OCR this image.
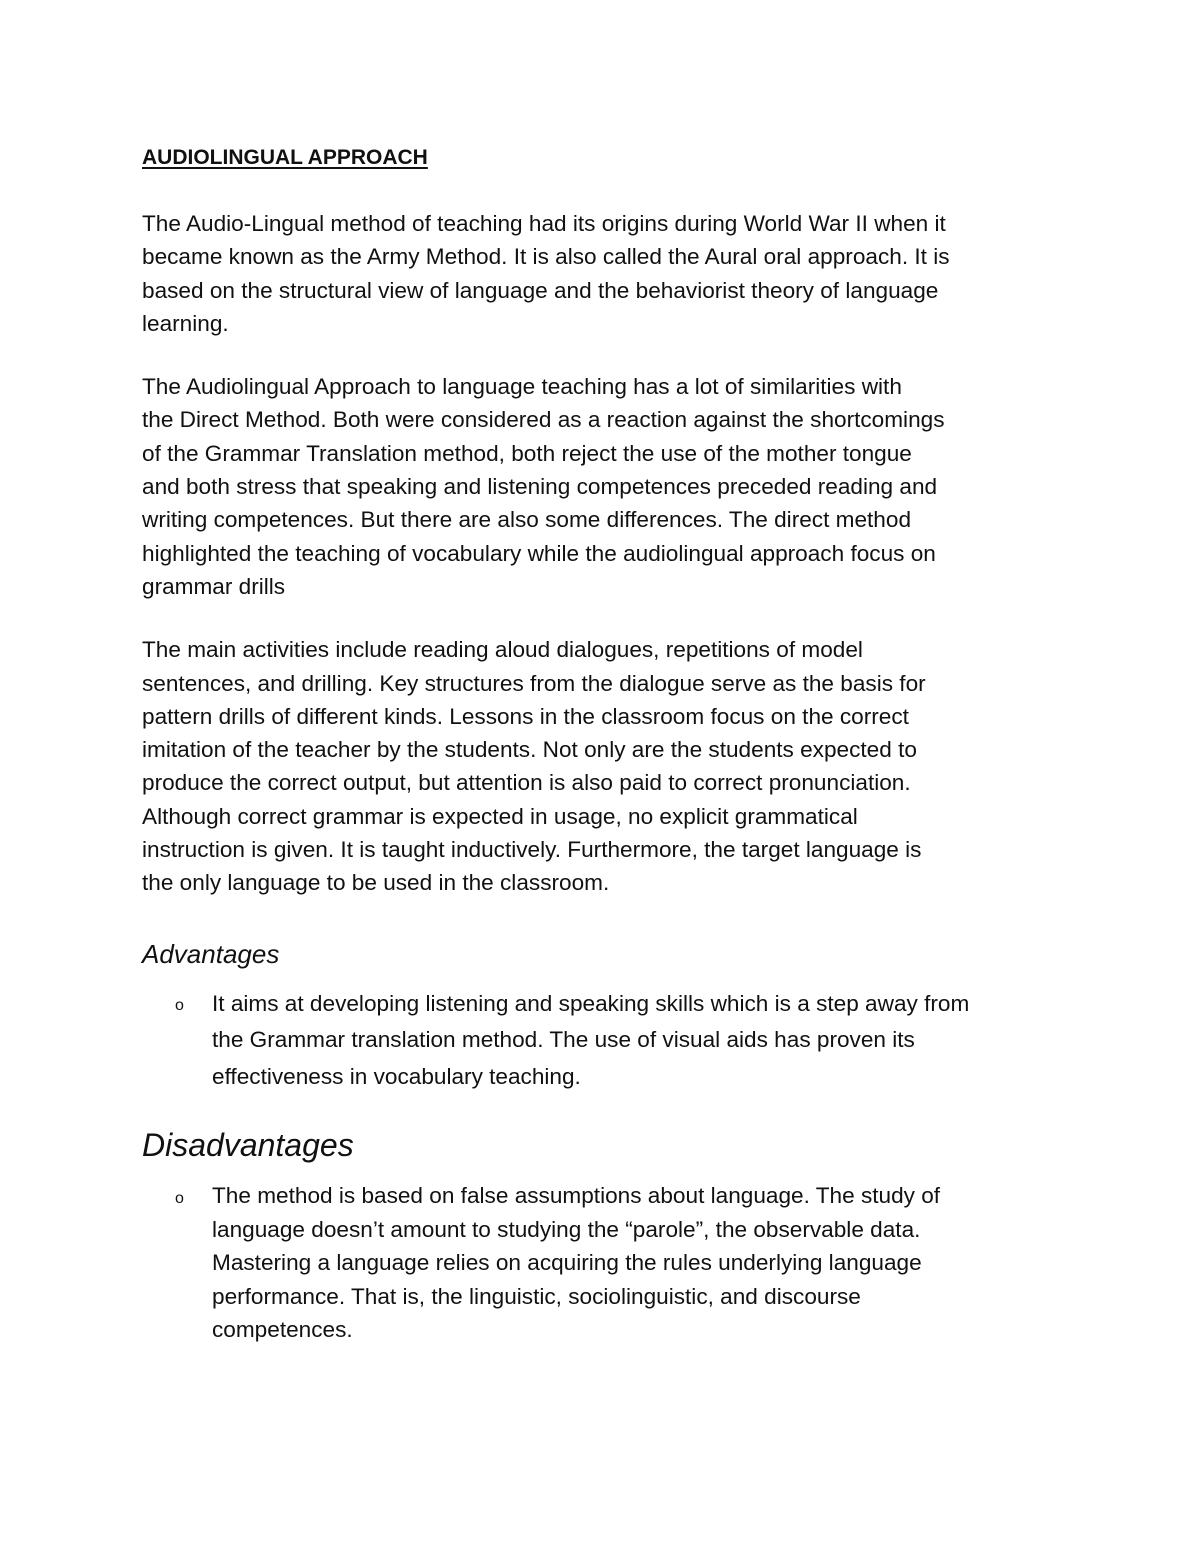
AUDIOLINGUAL APPROACH

The Audio-Lingual method of teaching had its origins during World War II when it
became known as the Army Method. It is also called the Aural oral approach. It is
based on the structural view of language and the behaviorist theory of language
learning.

The Audiolingual Approach to language teaching has a lot of similarities with
the Direct Method. Both were considered as a reaction against the shortcomings
of the Grammar Translation method, both reject the use of the mother tongue
and both stress that speaking and listening competences preceded reading and
writing competences. But there are also some differences. The direct method
highlighted the teaching of vocabulary while the audiolingual approach focus on
grammar drills

The main activities include reading aloud dialogues, repetitions of model
sentences, and drilling. Key structures from the dialogue serve as the basis for
pattern drills of different kinds. Lessons in the classroom focus on the correct
imitation of the teacher by the students. Not only are the students expected to
produce the correct output, but attention is also paid to correct pronunciation.
Although correct grammar is expected in usage, no explicit grammatical
instruction is given. It is taught inductively. Furthermore, the target language is
the only language to be used in the classroom.

Advantages
o It aims at developing listening and speaking skills which is a step away from
the Grammar translation method. The use of visual aids has proven its
effectiveness in vocabulary teaching.
Disadvantages
o The method is based on false assumptions about language. The study of
language doesn’t amount to studying the “parole”, the observable data.
Mastering a language relies on acquiring the rules underlying language
performance. That is, the linguistic, sociolinguistic, and discourse
competences.
